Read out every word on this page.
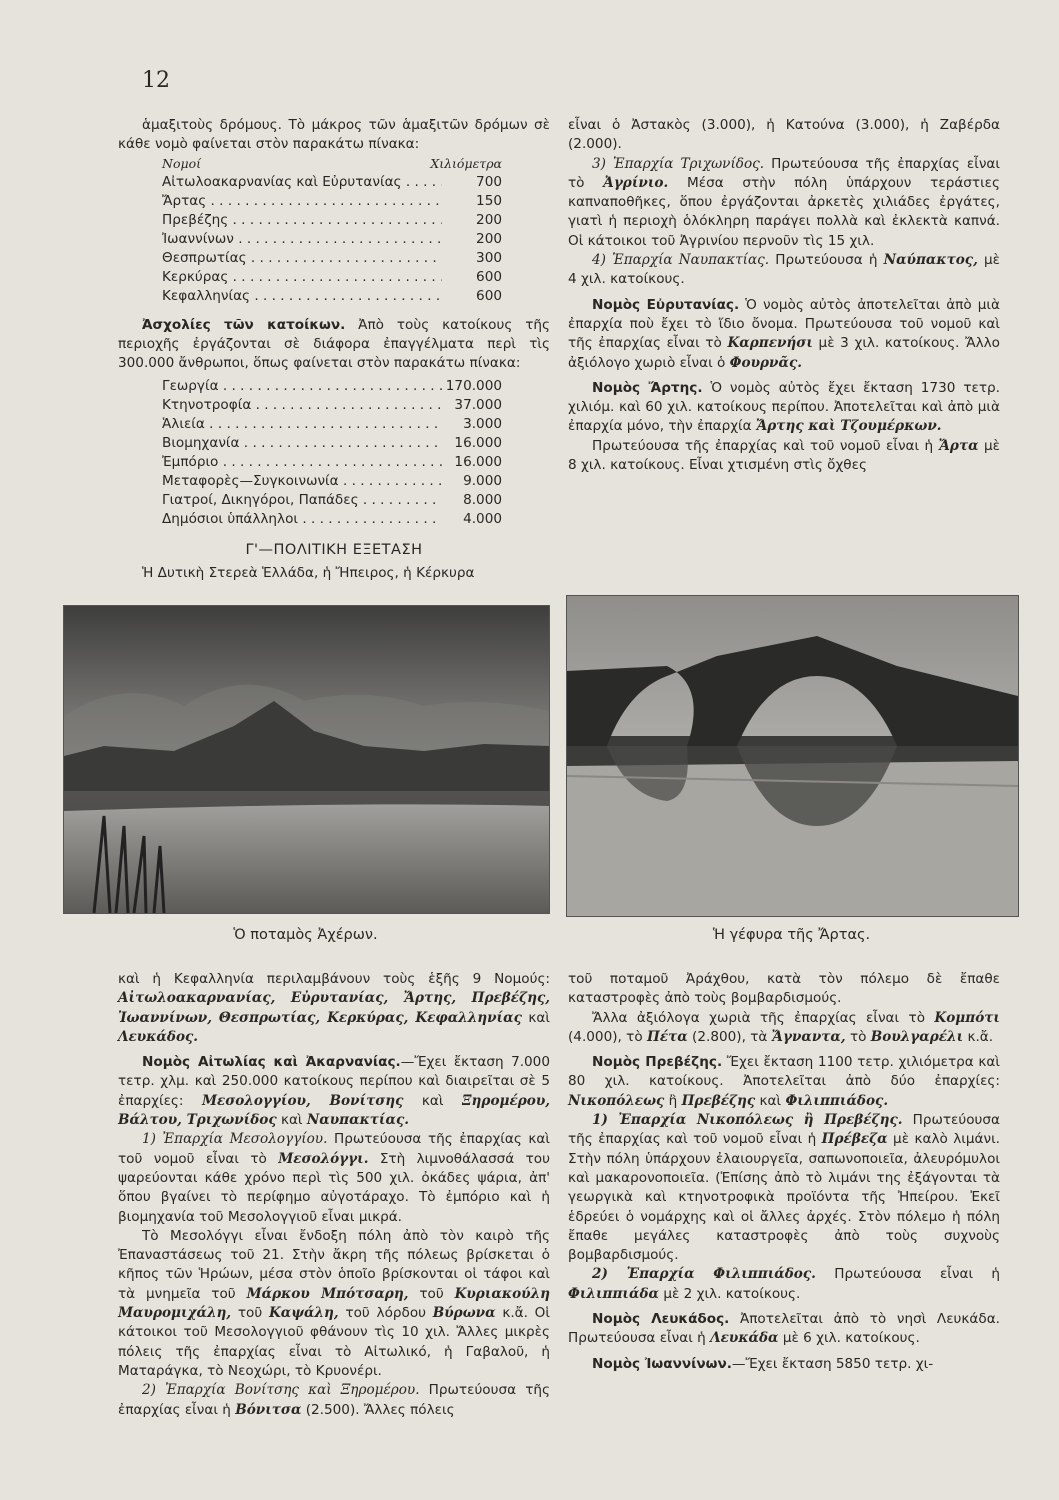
12

ἁμαξιτοὺς δρόμους. Τὸ μάκρος τῶν ἁμαξιτῶν δρόμων σὲ κάθε νομὸ φαίνεται στὸν παρακάτω πίνακα:

Νομοί	Χιλιόμετρα
Αἰτωλοακαρνανίας καὶ Εὐρυτανίας . . .	700
Ἄρτας . . .	150
Πρεβέζης . . .	200
Ἰωαννίνων . . .	200
Θεσπρωτίας . . .	300
Κερκύρας . . .	600
Κεφαλληνίας . . .	600

Ἀσχολίες τῶν κατοίκων. Ἀπὸ τοὺς κατοίκους τῆς περιοχῆς ἐργάζονται σὲ διάφορα ἐπαγγέλματα περὶ τὶς 300.000 ἄνθρωποι, ὅπως φαίνεται στὸν παρακάτω πίνακα:

Γεωργία . . .	170.000
Κτηνοτροφία . . .	37.000
Ἁλιεία . . .	3.000
Βιομηχανία . . .	16.000
Ἐμπόριο . . .	16.000
Μεταφορὲς—Συγκοινωνία . . .	9.000
Γιατροί, Δικηγόροι, Παπάδες . . .	8.000
Δημόσιοι ὑπάλληλοι . . .	4.000
Γ'—ΠΟΛΙΤΙΚΗ ΕΞΕΤΑΣΗ

Ἡ Δυτικὴ Στερεὰ Ἑλλάδα, ἡ Ἤπειρος, ἡ Κέρκυρα

εἶναι ὁ Ἀστακὸς (3.000), ἡ Κατούνα (3.000), ἡ Ζαβέρδα (2.000).

3) Ἐπαρχία Τριχωνίδος. Πρωτεύουσα τῆς ἐπαρχίας εἶναι τὸ Ἀγρίνιο. Μέσα στὴν πόλη ὑπάρχουν τεράστιες καπναποθῆκες, ὅπου ἐργάζονται ἀρκετὲς χιλιάδες ἐργάτες, γιατὶ ἡ περιοχὴ ὁλόκληρη παράγει πολλὰ καὶ ἐκλεκτὰ καπνά. Οἱ κάτοικοι τοῦ Ἀγρινίου περνοῦν τὶς 15 χιλ.

4) Ἐπαρχία Ναυπακτίας. Πρωτεύουσα ἡ Ναύπακτος, μὲ 4 χιλ. κατοίκους.

Νομὸς Εὐρυτανίας. Ὁ νομὸς αὐτὸς ἀποτελεῖται ἀπὸ μιὰ ἐπαρχία ποὺ ἔχει τὸ ἴδιο ὄνομα. Πρωτεύουσα τοῦ νομοῦ καὶ τῆς ἐπαρχίας εἶναι τὸ Καρπενήσι μὲ 3 χιλ. κατοίκους. Ἄλλο ἀξιόλογο χωριὸ εἶναι ὁ Φουρνᾶς.

Νομὸς Ἄρτης. Ὁ νομὸς αὐτὸς ἔχει ἔκταση 1730 τετρ. χιλιόμ. καὶ 60 χιλ. κατοίκους περίπου. Ἀποτελεῖται καὶ ἀπὸ μιὰ ἐπαρχία μόνο, τὴν ἐπαρχία Ἄρτης καὶ Τζουμέρκων.

Πρωτεύουσα τῆς ἐπαρχίας καὶ τοῦ νομοῦ εἶναι ἡ Ἄρτα μὲ 8 χιλ. κατοίκους. Εἶναι χτισμένη στὶς ὄχθες

Ὁ ποταμὸς Ἀχέρων.	Ἡ γέφυρα τῆς Ἄρτας.

καὶ ἡ Κεφαλληνία περιλαμβάνουν τοὺς ἑξῆς 9 Νομούς: Αἰτωλοακαρνανίας, Εὐρυτανίας, Ἄρτης, Πρεβέζης, Ἰωαννίνων, Θεσπρωτίας, Κερκύρας, Κεφαλληνίας καὶ Λευκάδος.

Νομὸς Αἰτωλίας καὶ Ἀκαρνανίας.—Ἔχει ἔκταση 7.000 τετρ. χλμ. καὶ 250.000 κατοίκους περίπου καὶ διαιρεῖται σὲ 5 ἐπαρχίες: Μεσολογγίου, Βονίτσης καὶ Ξηρομέρου, Βάλτου, Τριχωνίδος καὶ Ναυπακτίας.

1) Ἐπαρχία Μεσολογγίου. Πρωτεύουσα τῆς ἐπαρχίας καὶ τοῦ νομοῦ εἶναι τὸ Μεσολόγγι. Στὴ λιμνοθάλασσά του ψαρεύονται κάθε χρόνο περὶ τὶς 500 χιλ. ὀκάδες ψάρια, ἀπ' ὅπου βγαίνει τὸ περίφημο αὐγοτάραχο. Τὸ ἐμπόριο καὶ ἡ βιομηχανία τοῦ Μεσολογγιοῦ εἶναι μικρά.

Τὸ Μεσολόγγι εἶναι ἔνδοξη πόλη ἀπὸ τὸν καιρὸ τῆς Ἐπαναστάσεως τοῦ 21. Στὴν ἄκρη τῆς πόλεως βρίσκεται ὁ κῆπος τῶν Ἡρώων, μέσα στὸν ὁποῖο βρίσκονται οἱ τάφοι καὶ τὰ μνημεῖα τοῦ Μάρκου Μπότσαρη, τοῦ Κυριακούλη Μαυρομιχάλη, τοῦ Καψάλη, τοῦ λόρδου Βύρωνα κ.ἄ. Οἱ κάτοικοι τοῦ Μεσολογγιοῦ φθάνουν τὶς 10 χιλ. Ἄλλες μικρὲς πόλεις τῆς ἐπαρχίας εἶναι τὸ Αἰτωλικό, ἡ Γαβαλοῦ, ἡ Ματαράγκα, τὸ Νεοχώρι, τὸ Κρυονέρι.

2) Ἐπαρχία Βονίτσης καὶ Ξηρομέρου. Πρωτεύουσα τῆς ἐπαρχίας εἶναι ἡ Βόνιτσα (2.500). Ἄλλες πόλεις

τοῦ ποταμοῦ Ἀράχθου, κατὰ τὸν πόλεμο δὲ ἔπαθε καταστροφὲς ἀπὸ τοὺς βομβαρδισμούς.

Ἄλλα ἀξιόλογα χωριὰ τῆς ἐπαρχίας εἶναι τὸ Κομπότι (4.000), τὸ Πέτα (2.800), τὰ Ἄγναντα, τὸ Βουλγαρέλι κ.ἄ.

Νομὸς Πρεβέζης. Ἔχει ἔκταση 1100 τετρ. χιλιόμετρα καὶ 80 χιλ. κατοίκους. Ἀποτελεῖται ἀπὸ δύο ἐπαρχίες: Νικοπόλεως ἢ Πρεβέζης καὶ Φιλιππιάδος.

1) Ἐπαρχία Νικοπόλεως ἢ Πρεβέζης. Πρωτεύουσα τῆς ἐπαρχίας καὶ τοῦ νομοῦ εἶναι ἡ Πρέβεζα μὲ καλὸ λιμάνι. Στὴν πόλη ὑπάρχουν ἐλαιουργεῖα, σαπωνοποιεῖα, ἀλευρόμυλοι καὶ μακαρονοποιεῖα. (Ἐπίσης ἀπὸ τὸ λιμάνι της ἐξάγονται τὰ γεωργικὰ καὶ κτηνοτροφικὰ προϊόντα τῆς Ἠπείρου. Ἐκεῖ ἑδρεύει ὁ νομάρχης καὶ οἱ ἄλλες ἀρχές. Στὸν πόλεμο ἡ πόλη ἔπαθε μεγάλες καταστροφὲς ἀπὸ τοὺς συχνοὺς βομβαρδισμούς.

2) Ἐπαρχία Φιλιππιάδος. Πρωτεύουσα εἶναι ἡ Φιλιππιάδα μὲ 2 χιλ. κατοίκους.

Νομὸς Λευκάδος. Ἀποτελεῖται ἀπὸ τὸ νησὶ Λευκάδα. Πρωτεύουσα εἶναι ἡ Λευκάδα μὲ 6 χιλ. κατοίκους.

Νομὸς Ἰωαννίνων.—Ἔχει ἔκταση 5850 τετρ. χι-
